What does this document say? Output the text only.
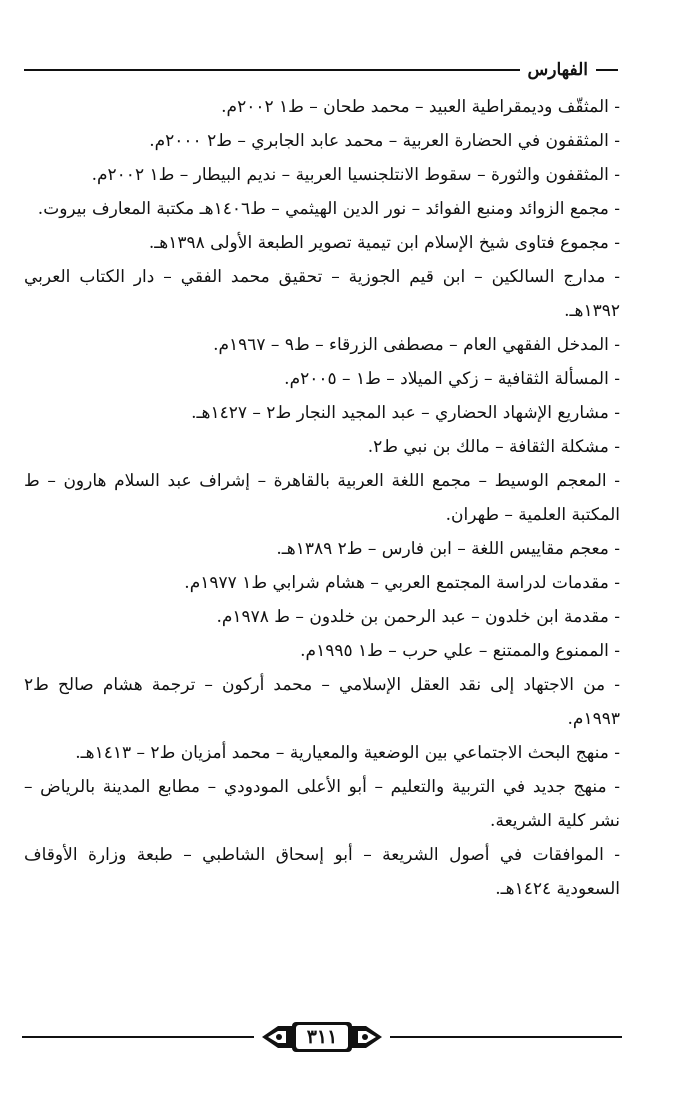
الفهارس

- المثقّف وديمقراطية العبيد – محمد طحان – ط١ ٢٠٠٢م.

- المثقفون في الحضارة العربية – محمد عابد الجابري – ط٢ ٢٠٠٠م.

- المثقفون والثورة – سقوط الانتلجنسيا العربية – نديم البيطار – ط١ ٢٠٠٢م.

- مجمع الزوائد ومنبع الفوائد – نور الدين الهيثمي – ط١٤٠٦هـ مكتبة المعارف بيروت.

- مجموع فتاوى شيخ الإسلام ابن تيمية تصوير الطبعة الأولى ١٣٩٨هـ.

- مدارج السالكين – ابن قيم الجوزية – تحقيق محمد الفقي – دار الكتاب العربي ١٣٩٢هـ.

- المدخل الفقهي العام – مصطفى الزرقاء – ط٩ – ١٩٦٧م.

- المسألة الثقافية – زكي الميلاد – ط١ – ٢٠٠٥م.

- مشاريع الإشهاد الحضاري – عبد المجيد النجار ط٢ – ١٤٢٧هـ.

- مشكلة الثقافة – مالك بن نبي ط٢.

- المعجم الوسيط – مجمع اللغة العربية بالقاهرة – إشراف عبد السلام هارون – ط المكتبة العلمية – طهران.

- معجم مقاييس اللغة – ابن فارس – ط٢ ١٣٨٩هـ.

- مقدمات لدراسة المجتمع العربي – هشام شرابي ط١ ١٩٧٧م.

- مقدمة ابن خلدون – عبد الرحمن بن خلدون – ط ١٩٧٨م.

- الممنوع والممتنع – علي حرب – ط١ ١٩٩٥م.

- من الاجتهاد إلى نقد العقل الإسلامي – محمد أركون – ترجمة هشام صالح ط٢ ١٩٩٣م.

- منهج البحث الاجتماعي بين الوضعية والمعيارية – محمد أمزيان ط٢ – ١٤١٣هـ.

- منهج جديد في التربية والتعليم – أبو الأعلى المودودي – مطابع المدينة بالرياض – نشر كلية الشريعة.

- الموافقات في أصول الشريعة – أبو إسحاق الشاطبي – طبعة وزارة الأوقاف السعودية ١٤٢٤هـ.

٣١١
